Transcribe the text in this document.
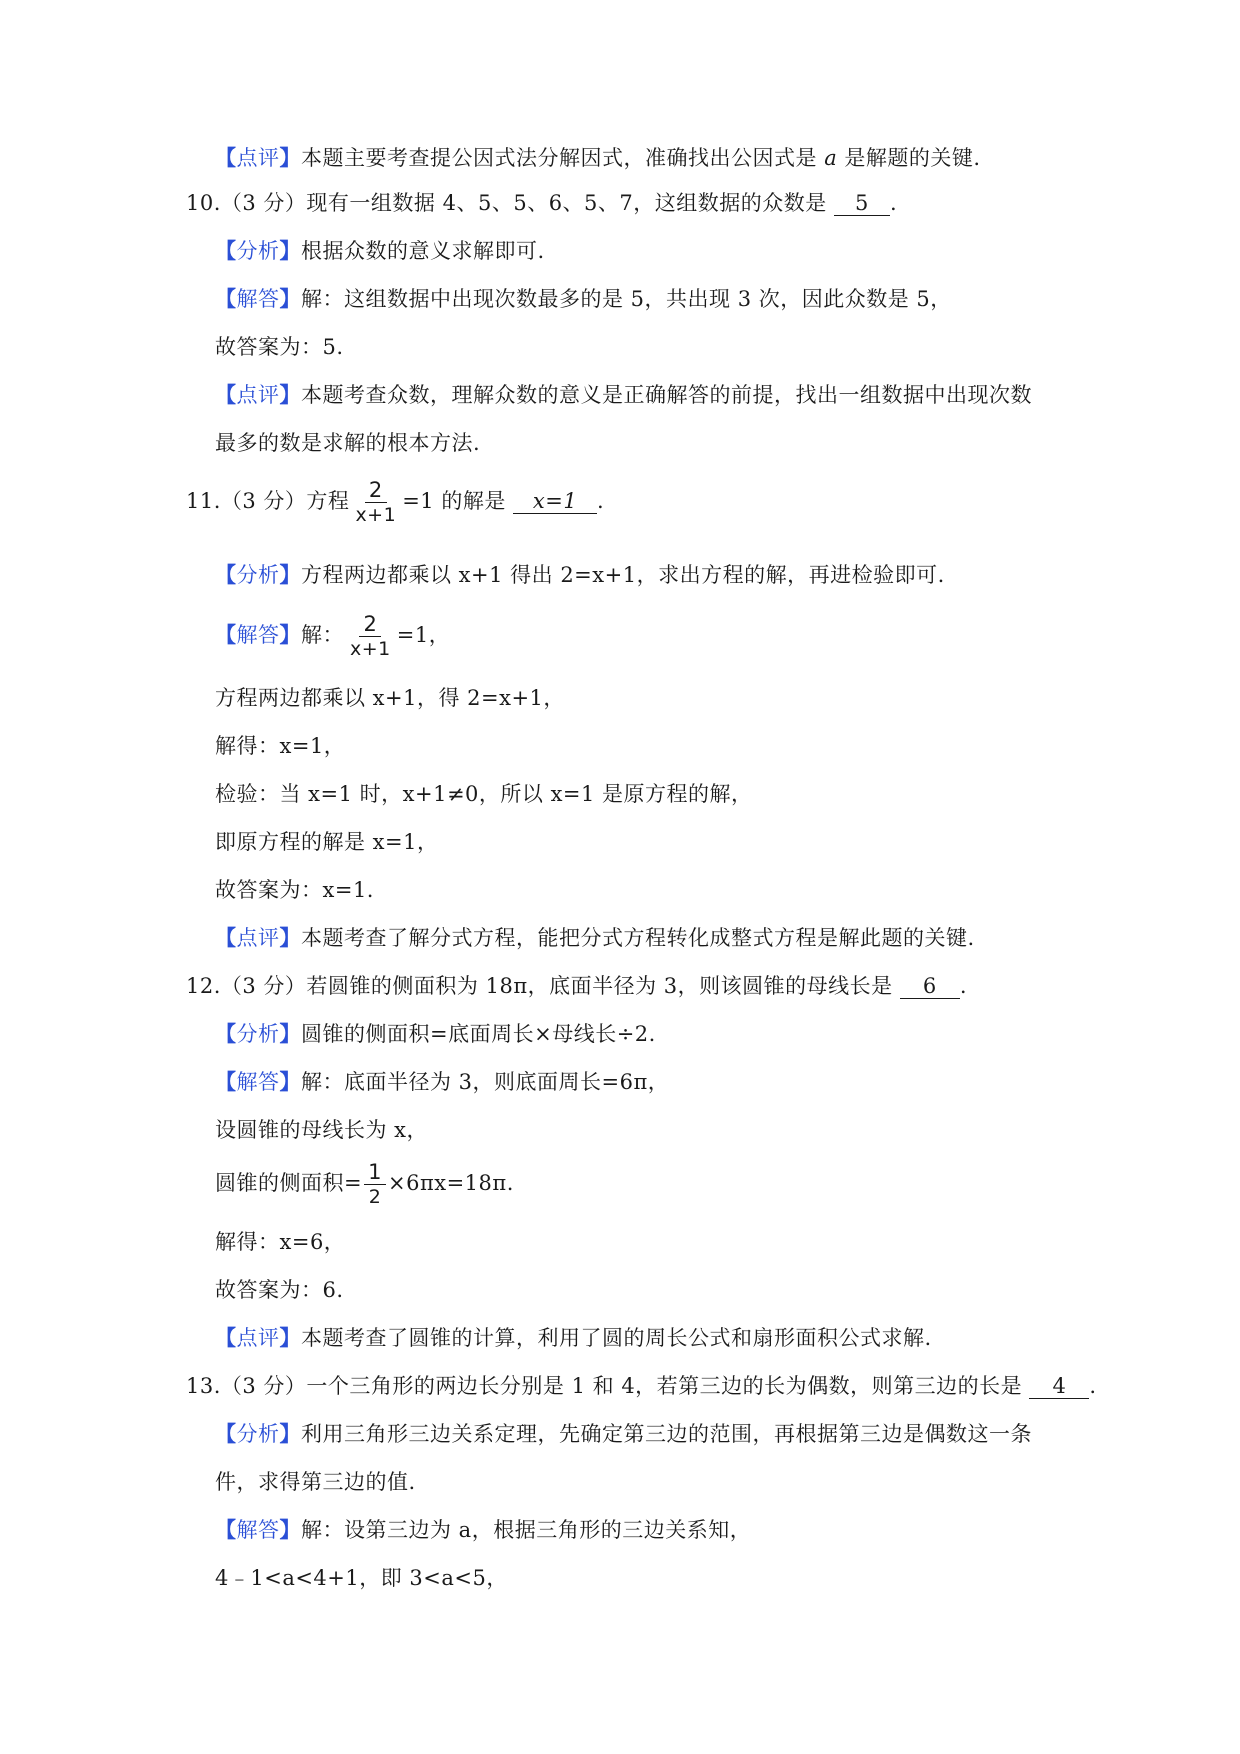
【点评】本题主要考查提公因式法分解因式，准确找出公因式是 a 是解题的关键.
10.（3 分）现有一组数据 4、5、5、6、5、7，这组数据的众数是 5 .
【分析】根据众数的意义求解即可.
【解答】解：这组数据中出现次数最多的是 5，共出现 3 次，因此众数是 5，
故答案为：5.
【点评】本题考查众数，理解众数的意义是正确解答的前提，找出一组数据中出现次数
最多的数是求解的根本方法.
11.（3 分）方程 $\frac{2}{x+1} =1$ 的解是 x=1 .
【分析】方程两边都乘以 x+1 得出 2=x+1，求出方程的解，再进检验即可.
【解答】解： $\frac{2}{x+1} =1$，
方程两边都乘以 x+1，得 2=x+1，
解得：x=1，
检验：当 x=1 时，x+1≠0，所以 x=1 是原方程的解，
即原方程的解是 x=1，
故答案为：x=1.
【点评】本题考查了解分式方程，能把分式方程转化成整式方程是解此题的关键.
12.（3 分）若圆锥的侧面积为 18π，底面半径为 3，则该圆锥的母线长是 6 .
【分析】圆锥的侧面积=底面周长×母线长÷2.
【解答】解：底面半径为 3，则底面周长=6π，
设圆锥的母线长为 x，
圆锥的侧面积= $\frac{1}{2} \times 6\pi x=18\pi$.
解得：x=6，
故答案为：6.
【点评】本题考查了圆锥的计算，利用了圆的周长公式和扇形面积公式求解.
13.（3 分）一个三角形的两边长分别是 1 和 4，若第三边的长为偶数，则第三边的长是 4 .
【分析】利用三角形三边关系定理，先确定第三边的范围，再根据第三边是偶数这一条
件，求得第三边的值.
【解答】解：设第三边为 a，根据三角形的三边关系知，
4﹣1<a<4+1，即 3<a<5，
